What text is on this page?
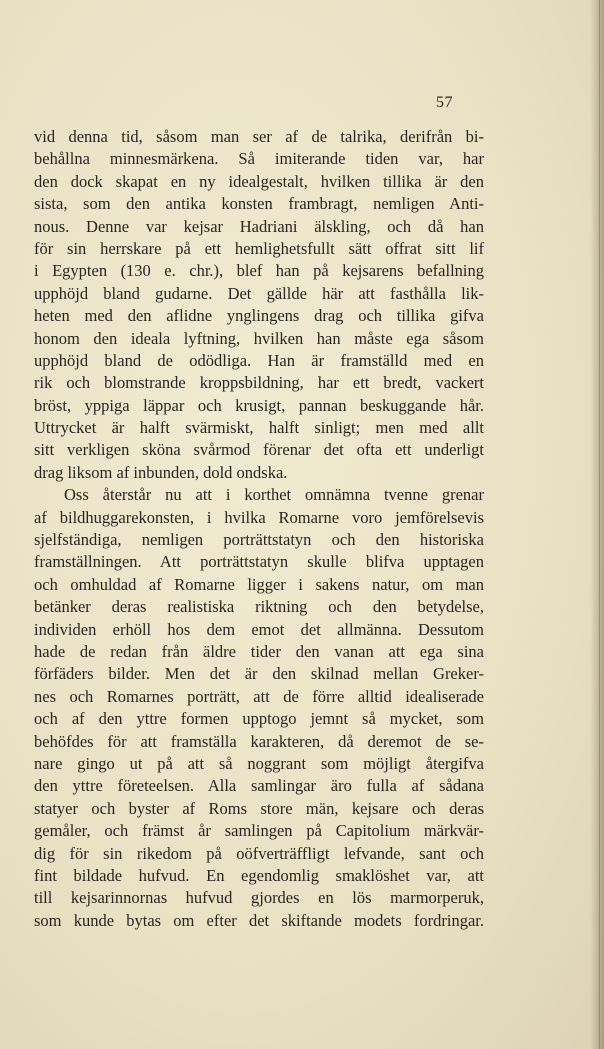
57
vid denna tid, såsom man ser af de talrika, derifrån bi-
behållna minnesmärkena. Så imiterande tiden var, har
den dock skapat en ny idealgestalt, hvilken tillika är den
sista, som den antika konsten frambragt, nemligen Anti-
nous. Denne var kejsar Hadriani älskling, och då han
för sin herrskare på ett hemlighetsfullt sätt offrat sitt lif
i Egypten (130 e. chr.), blef han på kejsarens befallning
upphöjd bland gudarne. Det gällde här att fasthålla lik-
heten med den aflidne ynglingens drag och tillika gifva
honom den ideala lyftning, hvilken han måste ega såsom
upphöjd bland de odödliga. Han är framställd med en
rik och blomstrande kroppsbildning, har ett bredt, vackert
bröst, yppiga läppar och krusigt, pannan beskuggande hår.
Uttrycket är halft svärmiskt, halft sinligt; men med allt
sitt verkligen sköna svårmod förenar det ofta ett underligt
drag liksom af inbunden, dold ondska.
Oss återstår nu att i korthet omnämna tvenne grenar
af bildhuggarekonsten, i hvilka Romarne voro jemförelsevis
sjelfständiga, nemligen porträttstatyn och den historiska
framställningen. Att porträttstatyn skulle blifva upptagen
och omhuldad af Romarne ligger i sakens natur, om man
betänker deras realistiska riktning och den betydelse,
individen erhöll hos dem emot det allmänna. Dessutom
hade de redan från äldre tider den vanan att ega sina
förfäders bilder. Men det är den skilnad mellan Greker-
nes och Romarnes porträtt, att de förre alltid idealiserade
och af den yttre formen upptogo jemnt så mycket, som
behöfdes för att framställa karakteren, då deremot de se-
nare gingo ut på att så noggrant som möjligt återgifva
den yttre företeelsen. Alla samlingar äro fulla af sådana
statyer och byster af Roms store män, kejsare och deras
gemåler, och främst år samlingen på Capitolium märkvär-
dig för sin rikedom på oöfverträffligt lefvande, sant och
fint bildade hufvud. En egendomlig smaklöshet var, att
till kejsarinnornas hufvud gjordes en lös marmorperuk,
som kunde bytas om efter det skiftande modets fordringar.
